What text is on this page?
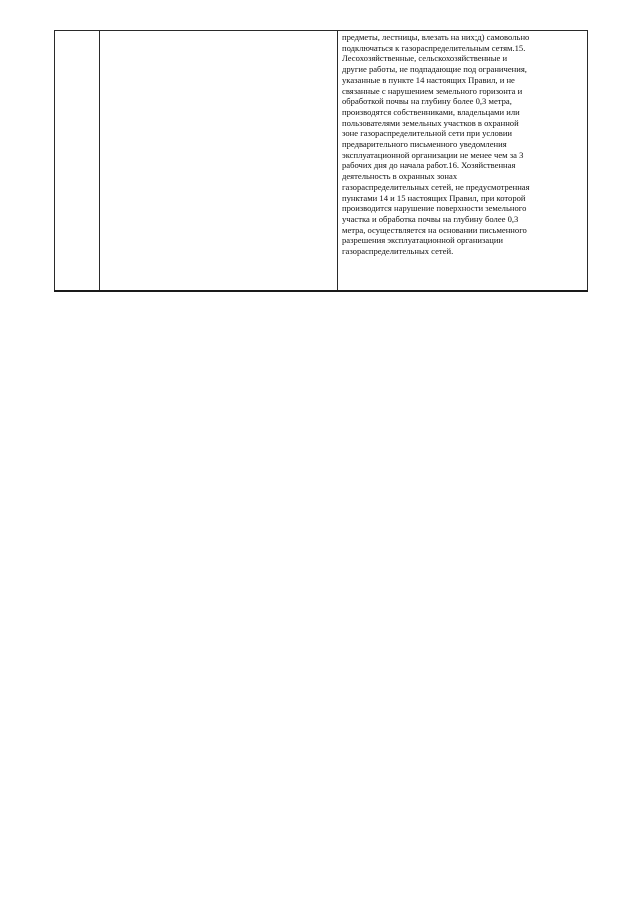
предметы, лестницы, влезать на них;д) самовольно
подключаться к газораспределительным сетям.15.
Лесохозяйственные, сельскохозяйственные и
другие работы, не подпадающие под ограничения,
указанные в пункте 14 настоящих Правил, и не
связанные с нарушением земельного горизонта и
обработкой почвы на глубину более 0,3 метра,
производятся собственниками, владельцами или
пользователями земельных участков в охранной
зоне газораспределительной сети при условии
предварительного письменного уведомления
эксплуатационной организации не менее чем за 3
рабочих дня до начала работ.16. Хозяйственная
деятельность в охранных зонах
газораспределительных сетей, не предусмотренная
пунктами 14 и 15 настоящих Правил, при которой
производится нарушение поверхности земельного
участка и обработка почвы на глубину более 0,3
метра, осуществляется на основании письменного
разрешения эксплуатационной организации
газораспределительных сетей.
